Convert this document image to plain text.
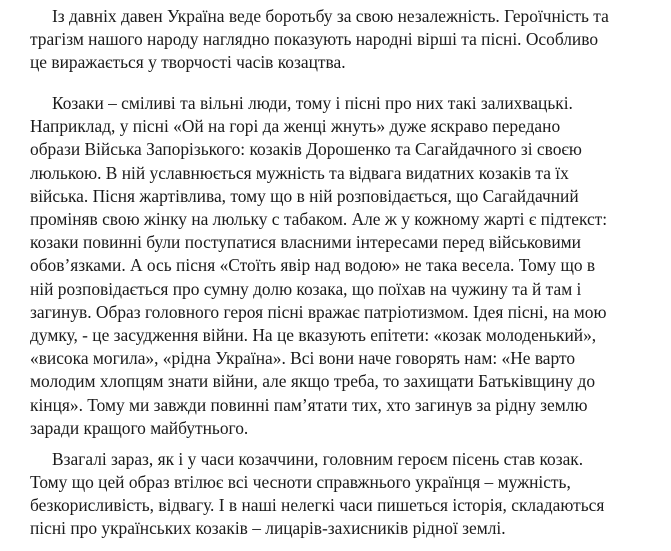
Із давніх давен Україна веде боротьбу за свою незалежність. Героїчність та
трагізм нашого народу наглядно показують народні вірші та пісні. Особливо
це виражається у творчості часів козацтва.
Козаки – сміливі та вільні люди, тому і пісні про них такі залихвацькі.
Наприклад, у пісні «Ой на горі да женці жнуть» дуже яскраво передано
образи Війська Запорізького: козаків Дорошенко та Сагайдачного зі своєю
люлькою. В ній уславнюється мужність та відвага видатних козаків та їх
війська. Пісня жартівлива, тому що в ній розповідається, що Сагайдачний
проміняв свою жінку на люльку с табаком. Але ж у кожному жарті є підтекст:
козаки повинні були поступатися власними інтересами перед військовими
обов’язками. А ось пісня «Стоїть явір над водою» не така весела. Тому що в
ній розповідається про сумну долю козака, що поїхав на чужину та й там і
загинув. Образ головного героя пісні вражає патріотизмом. Ідея пісні, на мою
думку, - це засудження війни. На це вказують епітети: «козак молоденький»,
«висока могила», «рідна Україна». Всі вони наче говорять нам: «Не варто
молодим хлопцям знати війни, але якщо треба, то захищати Батьківщину до
кінця». Тому ми завжди повинні пам’ятати тих, хто загинув за рідну землю
заради кращого майбутнього.
Взагалі зараз, як і у часи козаччини, головним героєм пісень став козак.
Тому що цей образ втілює всі чесноти справжнього українця – мужність,
безкорисливість, відвагу. І в наші нелегкі часи пишеться історія, складаються
пісні про українських козаків – лицарів-захисників рідної землі.
